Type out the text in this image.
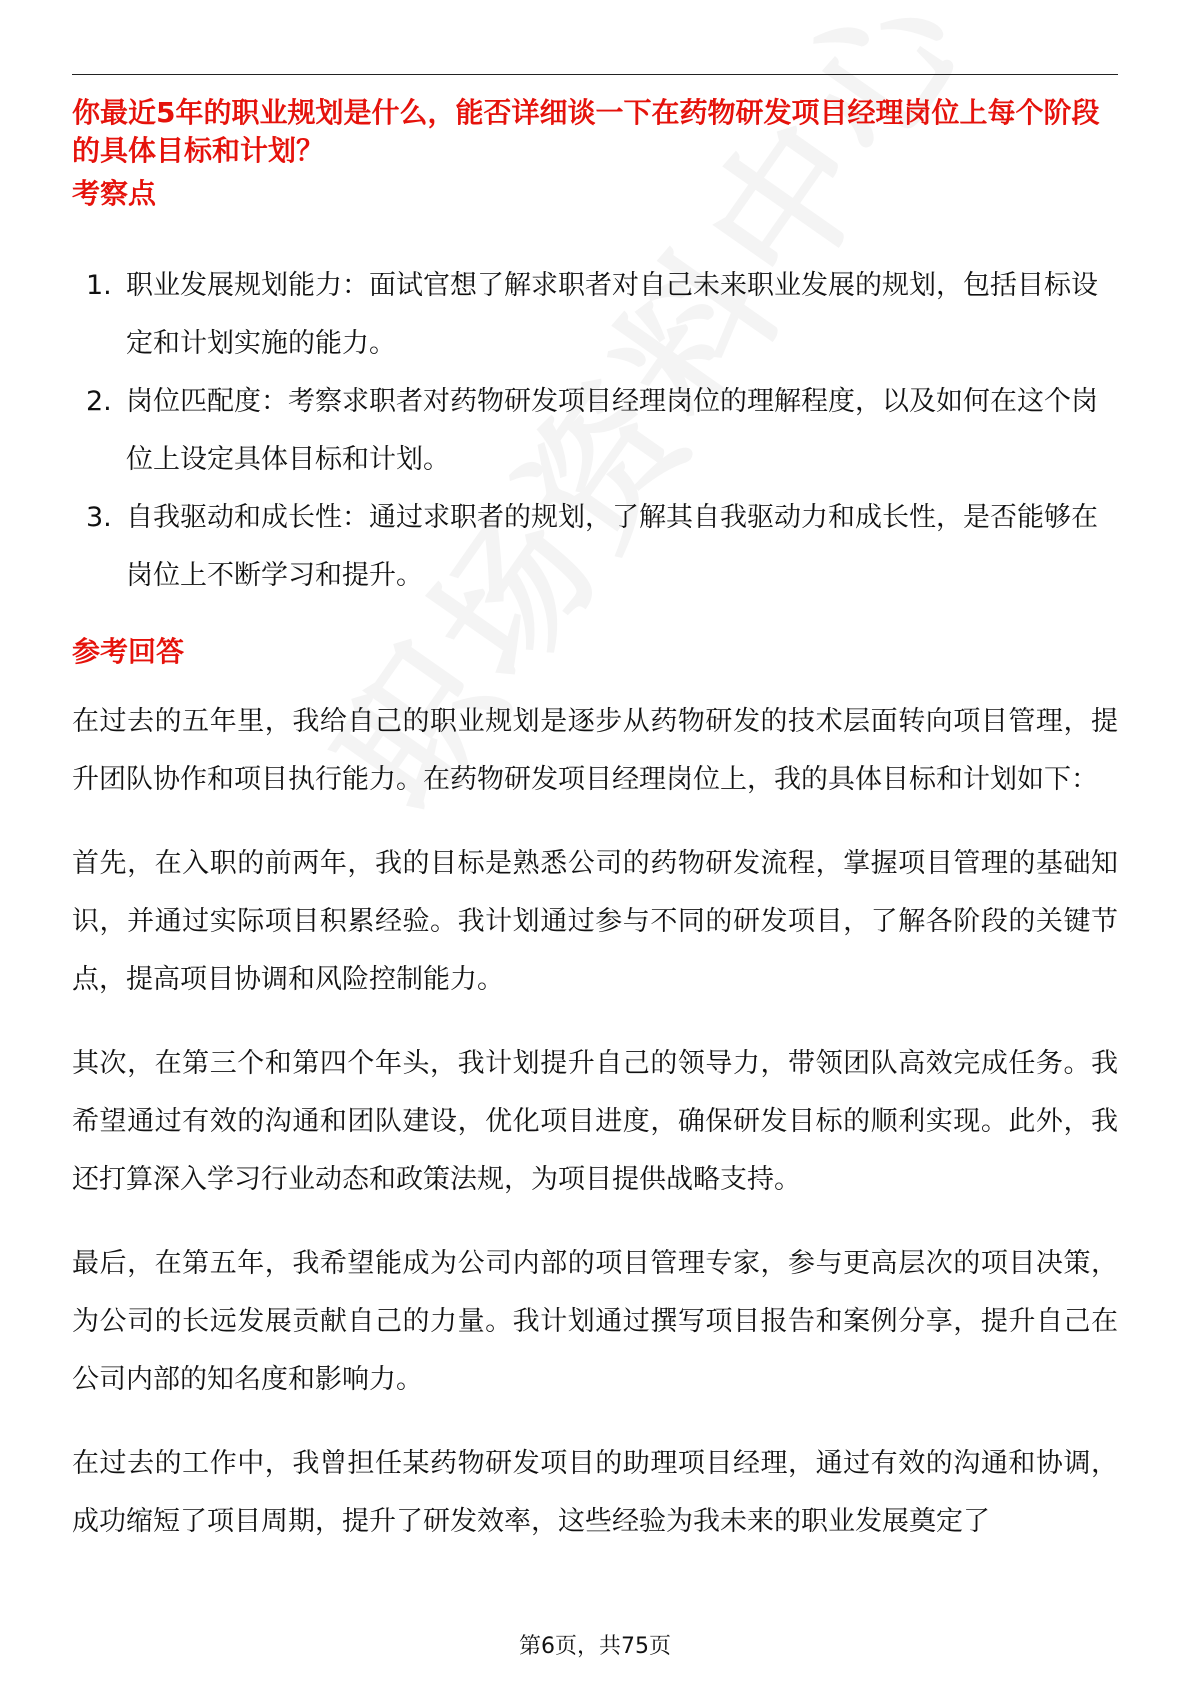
你最近5年的职业规划是什么，能否详细谈一下在药物研发项目经理岗位上每个阶段的具体目标和计划？
考察点
1. 职业发展规划能力：面试官想了解求职者对自己未来职业发展的规划，包括目标设定和计划实施的能力。
2. 岗位匹配度：考察求职者对药物研发项目经理岗位的理解程度，以及如何在这个岗位上设定具体目标和计划。
3. 自我驱动和成长性：通过求职者的规划，了解其自我驱动力和成长性，是否能够在岗位上不断学习和提升。
参考回答

在过去的五年里，我给自己的职业规划是逐步从药物研发的技术层面转向项目管理，提升团队协作和项目执行能力。在药物研发项目经理岗位上，我的具体目标和计划如下：

首先，在入职的前两年，我的目标是熟悉公司的药物研发流程，掌握项目管理的基础知识，并通过实际项目积累经验。我计划通过参与不同的研发项目，了解各阶段的关键节点，提高项目协调和风险控制能力。

其次，在第三个和第四个年头，我计划提升自己的领导力，带领团队高效完成任务。我希望通过有效的沟通和团队建设，优化项目进度，确保研发目标的顺利实现。此外，我还打算深入学习行业动态和政策法规，为项目提供战略支持。

最后，在第五年，我希望能成为公司内部的项目管理专家，参与更高层次的项目决策，为公司的长远发展贡献自己的力量。我计划通过撰写项目报告和案例分享，提升自己在公司内部的知名度和影响力。

在过去的工作中，我曾担任某药物研发项目的助理项目经理，通过有效的沟通和协调，成功缩短了项目周期，提升了研发效率，这些经验为我未来的职业发展奠定了

第6页，共75页
